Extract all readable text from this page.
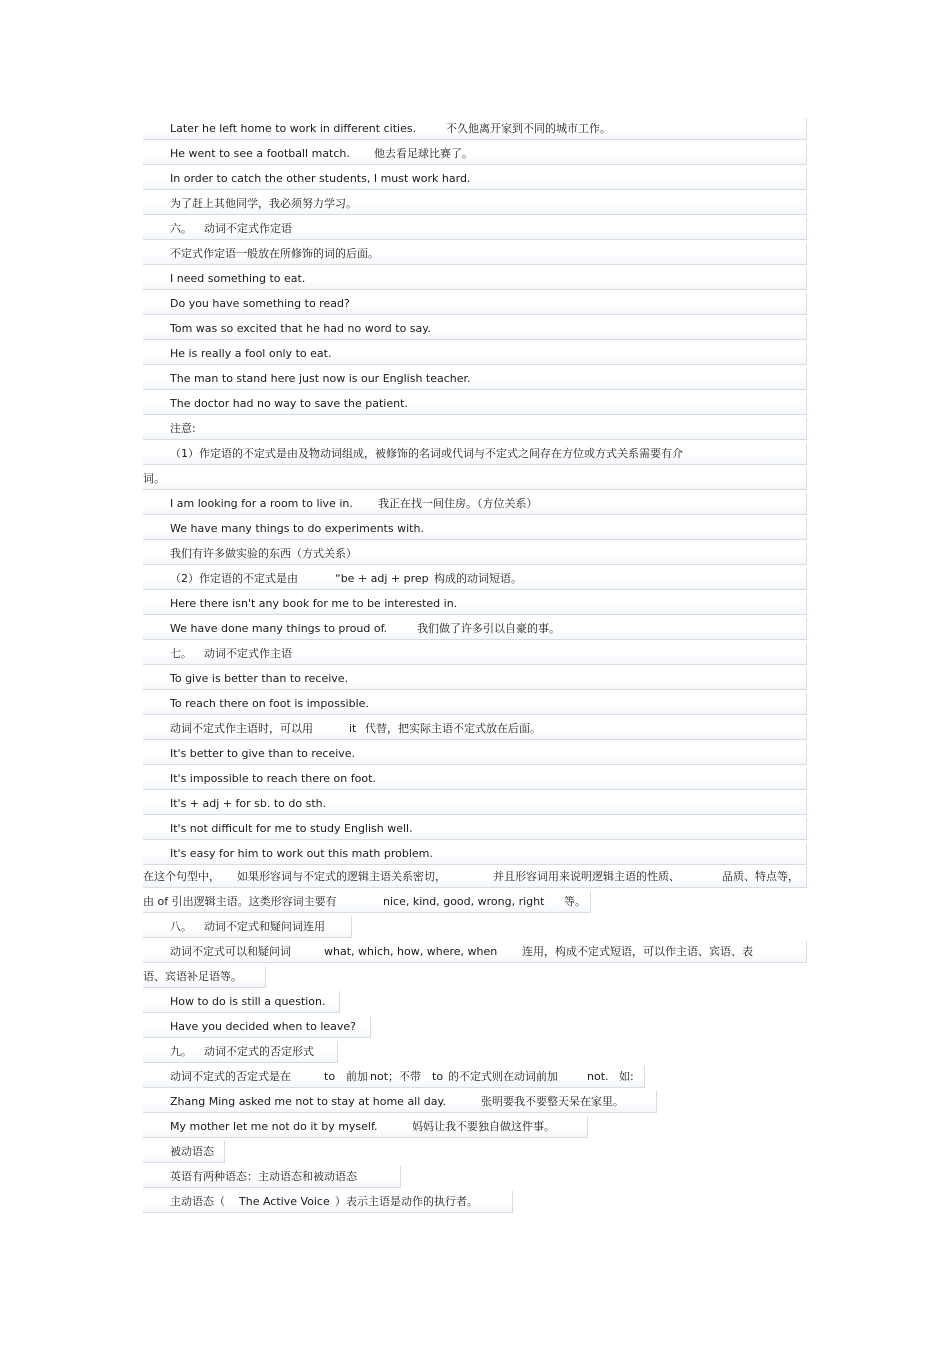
Later he left home to work in different cities.	不久他离开家到不同的城市工作。
He went to see a football match. 他去看足球比赛了。
In order to catch the other students, I must work hard.
为了赶上其他同学，我必须努力学习。
六。 动词不定式作定语
不定式作定语一般放在所修饰的词的后面。
I need something to eat.
Do you have something to read?
Tom was so excited that he had no word to say.
He is really a fool only to eat.
The man to stand here just now is our English teacher.
The doctor had no way to save the patient.
注意:
（1）作定语的不定式是由及物动词组成，被修饰的名词或代词与不定式之间存在方位或方式关系需要有介
词。
I am looking for a room to live in. 我正在找一间住房。（方位关系）
We have many things to do experiments with.
我们有许多做实验的东西（方式关系）
（2）作定语的不定式是由	“be + adj + prep 构成的动词短语。
Here there isn't any book for me to be interested in.
We have done many things to proud of.	我们做了许多引以自豪的事。
七。 动词不定式作主语
To give is better than to receive.
To reach there on foot is impossible.
动词不定式作主语时，可以用	it 代替，把实际主语不定式放在后面。
It's better to give than to receive.
It's impossible to reach there on foot.
It's + adj + for sb. to do sth.
It's not difficult for me to study English well.
It's easy for him to work out this math problem.
在这个句型中， 如果形容词与不定式的逻辑主语关系密切，	并且形容词用来说明逻辑主语的性质、	品质、特点等，
由 of 引出逻辑主语。这类形容词主要有	nice, kind, good, wrong, right 等。
八。 动词不定式和疑问词连用
动词不定式可以和疑问词	what, which, how, where, when 连用，构成不定式短语，可以作主语、宾语、表
语、宾语补足语等。
How to do is still a question.
Have you decided when to leave?
九。 动词不定式的否定形式
动词不定式的否定式是在	to 前加 not；不带 to 的不定式则在动词前加	not. 如:
Zhang Ming asked me not to stay at home all day.	张明要我不要整天呆在家里。
My mother let me not do it by myself.	妈妈让我不要独自做这件事。
被动语态
英语有两种语态：主动语态和被动语态
主动语态（ The Active Voice ）表示主语是动作的执行者。
